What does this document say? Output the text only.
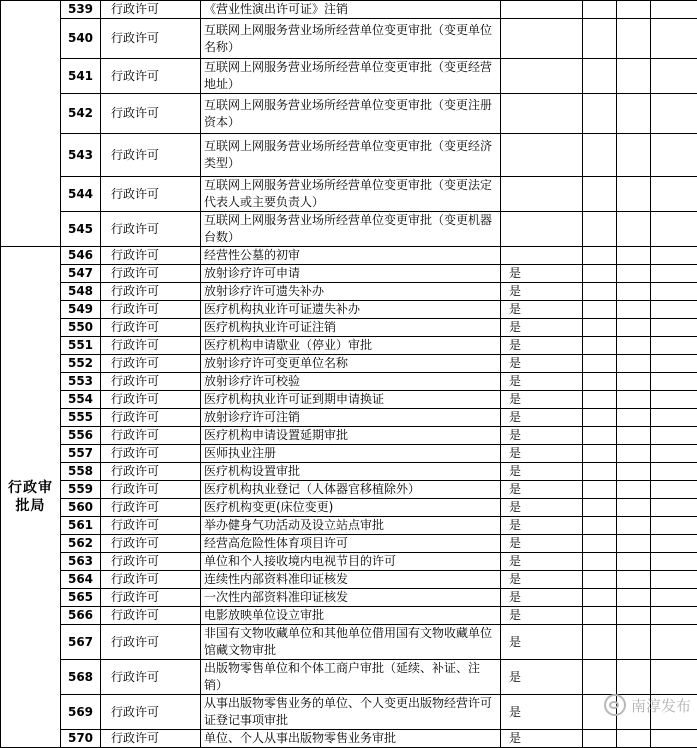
	539	行政许可	《营业性演出许可证》注销				
	540	行政许可	互联网上网服务营业场所经营单位变更审批（变更单位名称）				
	541	行政许可	互联网上网服务营业场所经营单位变更审批（变更经营地址）				
	542	行政许可	互联网上网服务营业场所经营单位变更审批（变更注册资本）				
	543	行政许可	互联网上网服务营业场所经营单位变更审批（变更经济类型）				
	544	行政许可	互联网上网服务营业场所经营单位变更审批（变更法定代表人或主要负责人）				
	545	行政许可	互联网上网服务营业场所经营单位变更审批（变更机器台数）				
行政审批局	546	行政许可	经营性公墓的初审				
	547	行政许可	放射诊疗许可申请	是			
	548	行政许可	放射诊疗许可遗失补办	是			
	549	行政许可	医疗机构执业许可证遗失补办	是			
	550	行政许可	医疗机构执业许可证注销	是			
	551	行政许可	医疗机构申请歇业（停业）审批	是			
	552	行政许可	放射诊疗许可变更单位名称	是			
	553	行政许可	放射诊疗许可校验	是			
	554	行政许可	医疗机构执业许可证到期申请换证	是			
	555	行政许可	放射诊疗许可注销	是			
	556	行政许可	医疗机构申请设置延期审批	是			
	557	行政许可	医师执业注册	是			
	558	行政许可	医疗机构设置审批	是			
	559	行政许可	医疗机构执业登记（人体器官移植除外）	是			
	560	行政许可	医疗机构变更(床位变更)	是			
	561	行政许可	举办健身气功活动及设立站点审批	是			
	562	行政许可	经营高危险性体育项目许可	是			
	563	行政许可	单位和个人接收境内电视节目的许可	是			
	564	行政许可	连续性内部资料准印证核发	是			
	565	行政许可	一次性内部资料准印证核发	是			
	566	行政许可	电影放映单位设立审批	是			
	567	行政许可	非国有文物收藏单位和其他单位借用国有文物收藏单位馆藏文物审批	是			
	568	行政许可	出版物零售单位和个体工商户审批（延续、补证、注销）	是			
	569	行政许可	从事出版物零售业务的单位、个人变更出版物经营许可证登记事项审批	是			
	570	行政许可	单位、个人从事出版物零售业务审批	是			
南淳发布
